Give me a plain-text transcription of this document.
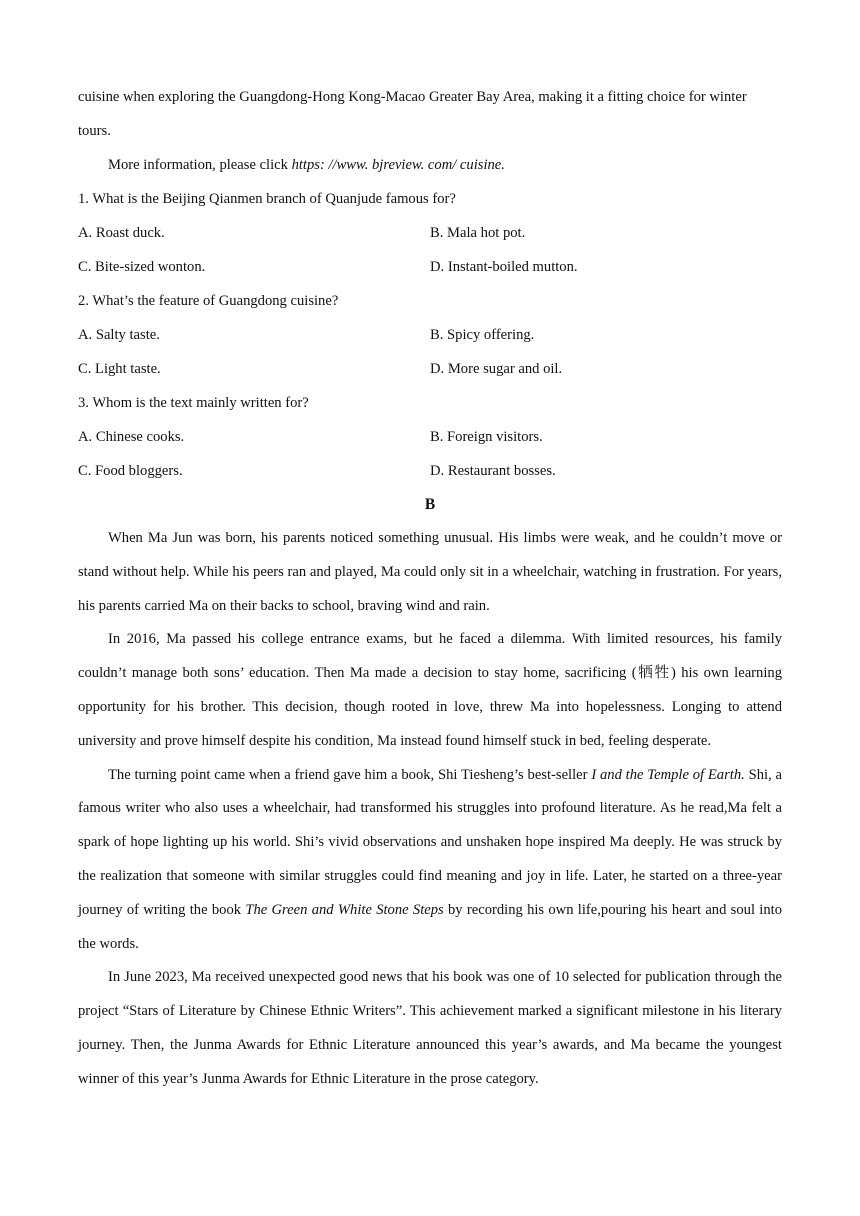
cuisine when exploring the Guangdong-Hong Kong-Macao Greater Bay Area, making it a fitting choice for winter
tours.
More information, please click https: //www. bjreview. com/ cuisine.
1. What is the Beijing Qianmen branch of Quanjude famous for?
A. Roast duck.	B. Mala hot pot.
C. Bite-sized wonton.	D. Instant-boiled mutton.
2. What’s the feature of Guangdong cuisine?
A. Salty taste.	B. Spicy offering.
C. Light taste.	D. More sugar and oil.
3. Whom is the text mainly written for?
A. Chinese cooks.	B. Foreign visitors.
C. Food bloggers.	D. Restaurant bosses.
B

When Ma Jun was born, his parents noticed something unusual. His limbs were weak, and he couldn’t move or stand without help. While his peers ran and played, Ma could only sit in a wheelchair, watching in frustration. For years, his parents carried Ma on their backs to school, braving wind and rain.

In 2016, Ma passed his college entrance exams, but he faced a dilemma. With limited resources, his family couldn’t manage both sons’ education. Then Ma made a decision to stay home, sacrificing (牺牲) his own learning opportunity for his brother. This decision, though rooted in love, threw Ma into hopelessness. Longing to attend university and prove himself despite his condition, Ma instead found himself stuck in bed, feeling desperate.

The turning point came when a friend gave him a book, Shi Tiesheng’s best-seller I and the Temple of Earth. Shi, a famous writer who also uses a wheelchair, had transformed his struggles into profound literature. As he read,Ma felt a spark of hope lighting up his world. Shi’s vivid observations and unshaken hope inspired Ma deeply. He was struck by the realization that someone with similar struggles could find meaning and joy in life. Later, he started on a three-year journey of writing the book The Green and White Stone Steps by recording his own life,pouring his heart and soul into the words.

In June 2023, Ma received unexpected good news that his book was one of 10 selected for publication through the project “Stars of Literature by Chinese Ethnic Writers”. This achievement marked a significant milestone in his literary journey. Then, the Junma Awards for Ethnic Literature announced this year’s awards, and Ma became the youngest winner of this year’s Junma Awards for Ethnic Literature in the prose category.
